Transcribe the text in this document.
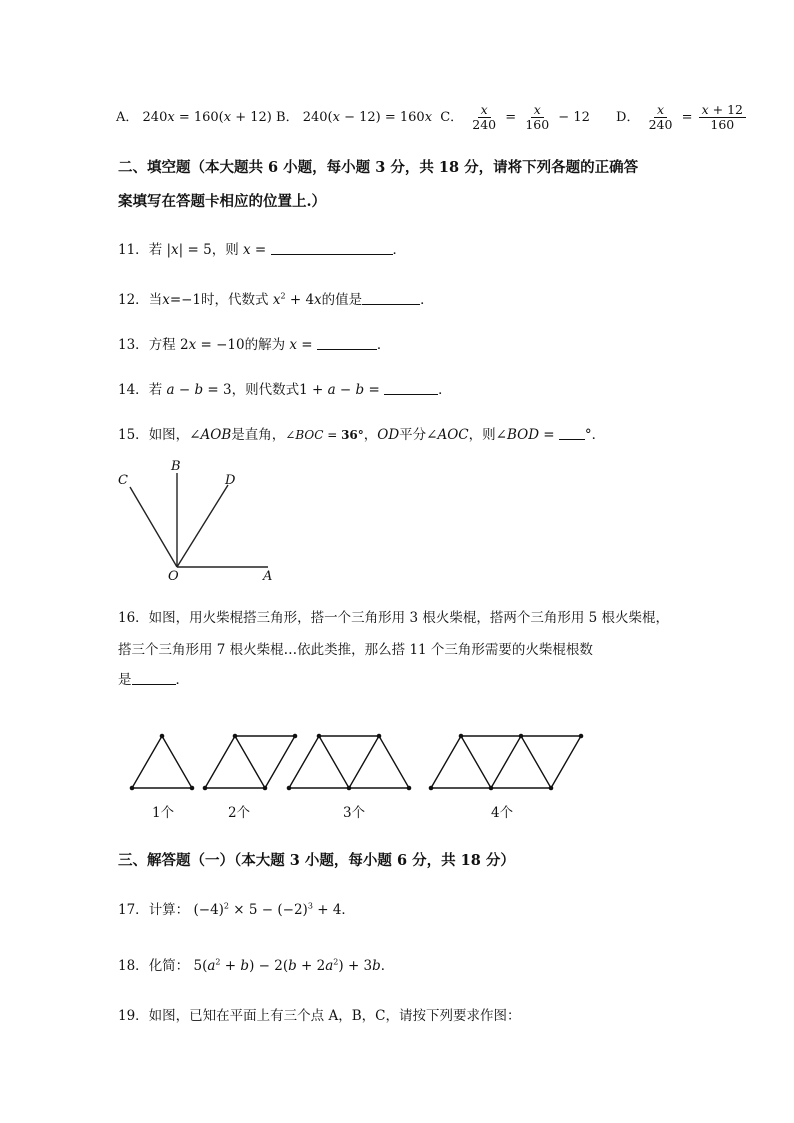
A． 240x = 160(x + 12) B． 240(x − 12) = 160x C． $\frac{x}{240} = \frac{x}{160} - 12$ D． $\frac{x}{240} = \frac{x + 12}{160}$
二、填空题（本大题共 6 小题，每小题 3 分，共 18 分，请将下列各题的正确答
案填写在答题卡相应的位置上.）
11．若 |x| = 5，则 x =	．
12．当x=−1时，代数式 $x^2 + 4x$的值是	．
13．方程 2x = −10的解为 x =	．
14．若 a − b = 3，则代数式1 + a − b =	．
15．如图，∠AOB是直角，∠BOC = 36°，OD平分∠AOC，则∠BOD = °．
C
B
D
O	A
16．如图，用火柴棍搭三角形，搭一个三角形用 3 根火柴棍，搭两个三角形用 5 根火柴棍，
搭三个三角形用 7 根火柴棍…依此类推，那么搭 11 个三角形需要的火柴棍根数
是	．
1个	2个	3个	4个
三、解答题（一）（本大题 3 小题，每小题 6 分，共 18 分）
17．计算： $(-4)^2 \times 5 - (-2)^3 + 4$．
18．化简： $5(a^2 + b) - 2(b + 2a^2) + 3b$．
19．如图，已知在平面上有三个点 A，B，C，请按下列要求作图：
